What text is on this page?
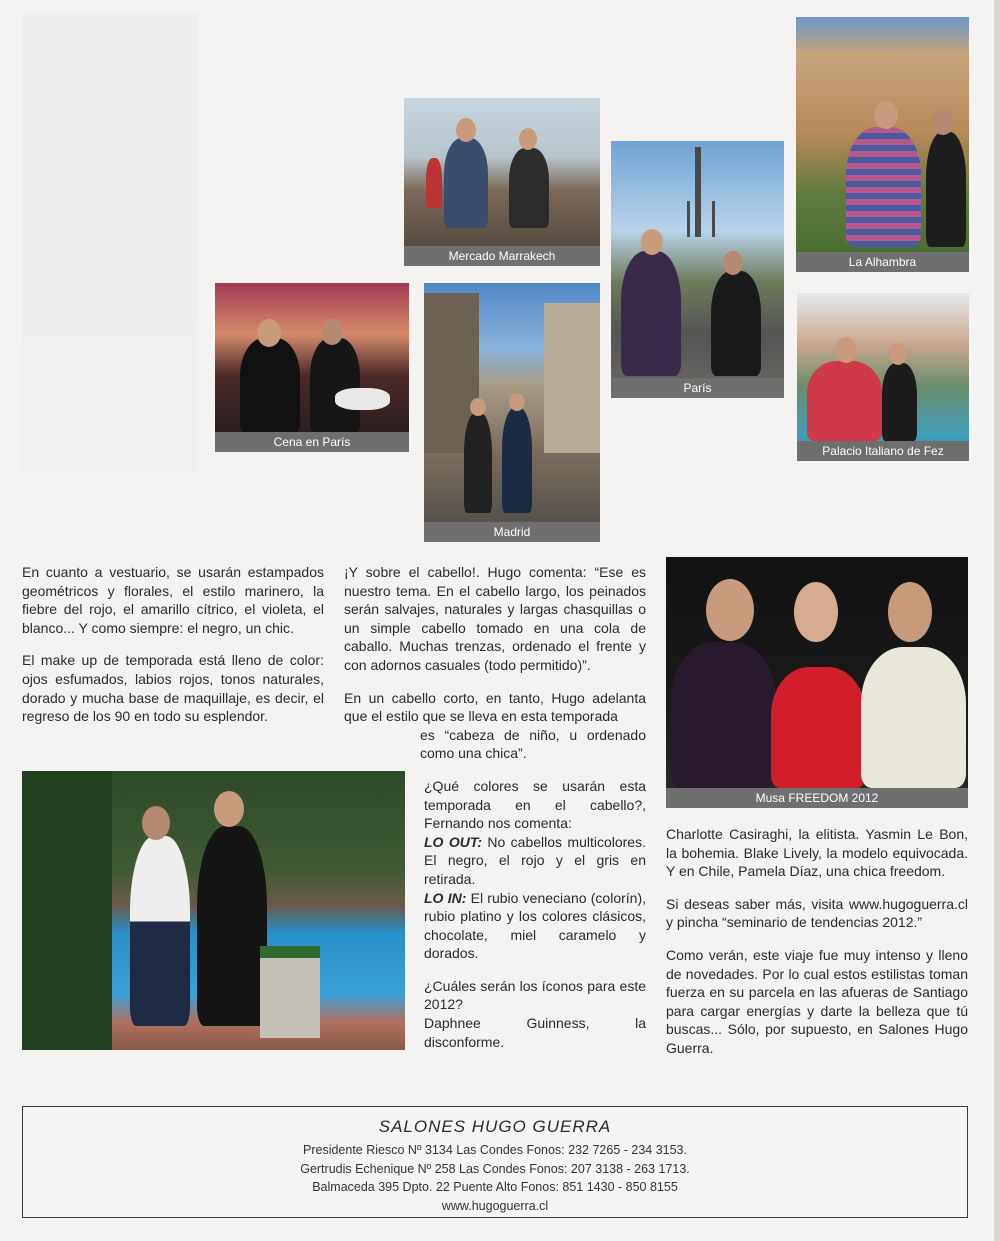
Mercado Marrakech
Cena en París
Madrid
París
La Alhambra
Palacio Italiano de Fez
Musa FREEDOM 2012

En cuanto a vestuario, se usarán estampados geométricos y florales, el estilo marinero, la fiebre del rojo, el amarillo cítrico, el violeta, el blanco... Y como siempre: el negro, un chic.

El make up de temporada está lleno de color: ojos esfumados, labios rojos, tonos naturales, dorado y mucha base de maquillaje, es decir, el regreso de los 90 en todo su esplendor.

¡Y sobre el cabello!. Hugo comenta: “Ese es nuestro tema. En el cabello largo, los peinados serán salvajes, naturales y largas chasquillas o un simple cabello tomado en una cola de caballo. Muchas trenzas, ordenado el frente y con adornos casuales (todo permitido)”.

En un cabello corto, en tanto, Hugo adelanta que el estilo que se lleva en esta temporada

es “cabeza de niño, u ordenado como una chica”.

¿Qué colores se usarán esta temporada en el cabello?, Fernando nos comenta:

LO OUT: No cabellos multicolores. El negro, el rojo y el gris en retirada.

LO IN: El rubio veneciano (colorín), rubio platino y los colores clásicos, chocolate, miel caramelo y dorados.

¿Cuáles serán los íconos para este 2012?

Daphnee Guinness, la disconforme.

Charlotte Casiraghi, la elitista. Yasmin Le Bon, la bohemia. Blake Lively, la modelo equivocada. Y en Chile, Pamela Díaz, una chica freedom.

Si deseas saber más, visita www.hugoguerra.cl y pincha “seminario de tendencias 2012.”

Como verán, este viaje fue muy intenso y lleno de novedades. Por lo cual estos estilistas toman fuerza en su parcela en las afueras de Santiago para cargar energías y darte la belleza que tú buscas... Sólo, por supuesto, en Salones Hugo Guerra.

SALONES HUGO GUERRA
Presidente Riesco Nº 3134 Las Condes Fonos: 232 7265 - 234 3153.
Gertrudis Echenique Nº 258 Las Condes Fonos: 207 3138 - 263 1713.
Balmaceda 395 Dpto. 22 Puente Alto Fonos: 851 1430 - 850 8155
www.hugoguerra.cl
